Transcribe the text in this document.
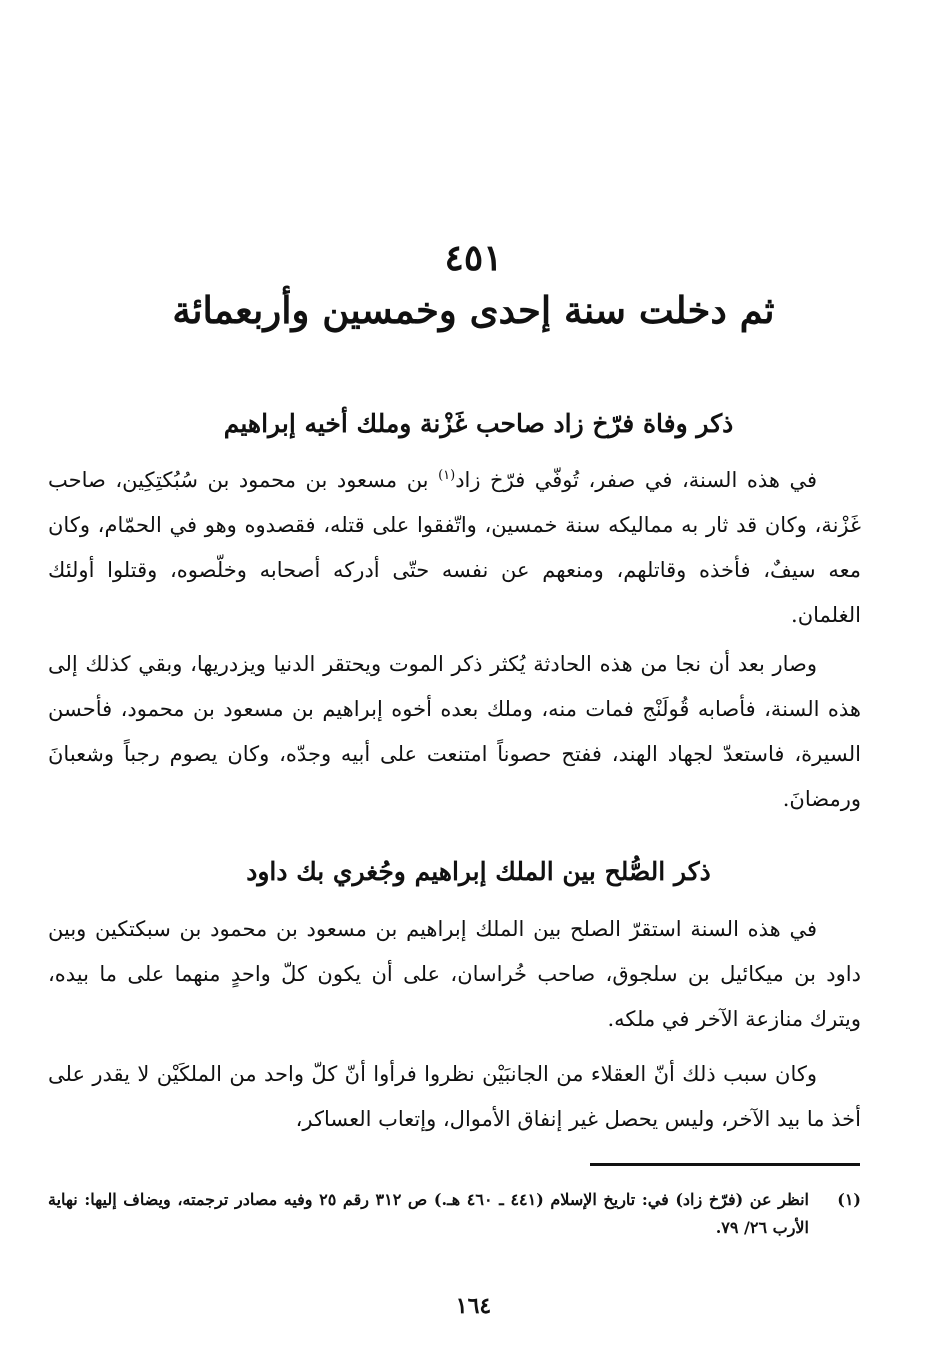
٤٥١
ثم دخلت سنة إحدى وخمسين وأربعمائة
ذكر وفاة فرّخ زاد صاحب غَزْنة وملك أخيه إبراهيم

في هذه السنة، في صفر، تُوفّي فرّخ زاد$^{(١)}$ بن مسعود بن محمود بن سُبُكتِكِين، صاحب غَزْنة، وكان قد ثار به مماليكه سنة خمسين، واتّفقوا على قتله، فقصدوه وهو في الحمّام، وكان معه سيفٌ، فأخذه وقاتلهم، ومنعهم عن نفسه حتّى أدركه أصحابه وخلّصوه، وقتلوا أولئك الغلمان.

وصار بعد أن نجا من هذه الحادثة يُكثر ذكر الموت ويحتقر الدنيا ويزدريها، وبقي كذلك إلى هذه السنة، فأصابه قُولَنْج فمات منه، وملك بعده أخوه إبراهيم بن مسعود بن محمود، فأحسن السيرة، فاستعدّ لجهاد الهند، ففتح حصوناً امتنعت على أبيه وجدّه، وكان يصوم رجباً وشعبانَ ورمضانَ.

ذكر الصُّلح بين الملك إبراهيم وجُغري بك داود

في هذه السنة استقرّ الصلح بين الملك إبراهيم بن مسعود بن محمود بن سبكتكين وبين داود بن ميكائيل بن سلجوق، صاحب خُراسان، على أن يكون كلّ واحدٍ منهما على ما بيده، ويترك منازعة الآخر في ملكه.

وكان سبب ذلك أنّ العقلاء من الجانبَيْن نظروا فرأوا أنّ كلّ واحد من الملكَيْن لا يقدر على أخذ ما بيد الآخر، وليس يحصل غير إنفاق الأموال، وإتعاب العساكر،

(١)
انظر عن (فرّخ زاد) في: تاريخ الإسلام (٤٤١ ـ ٤٦٠ هـ.) ص ٣١٢ رقم ٢٥ وفيه مصادر ترجمته، ويضاف إليها: نهاية الأرب ٢٦/ ٧٩.
١٦٤
